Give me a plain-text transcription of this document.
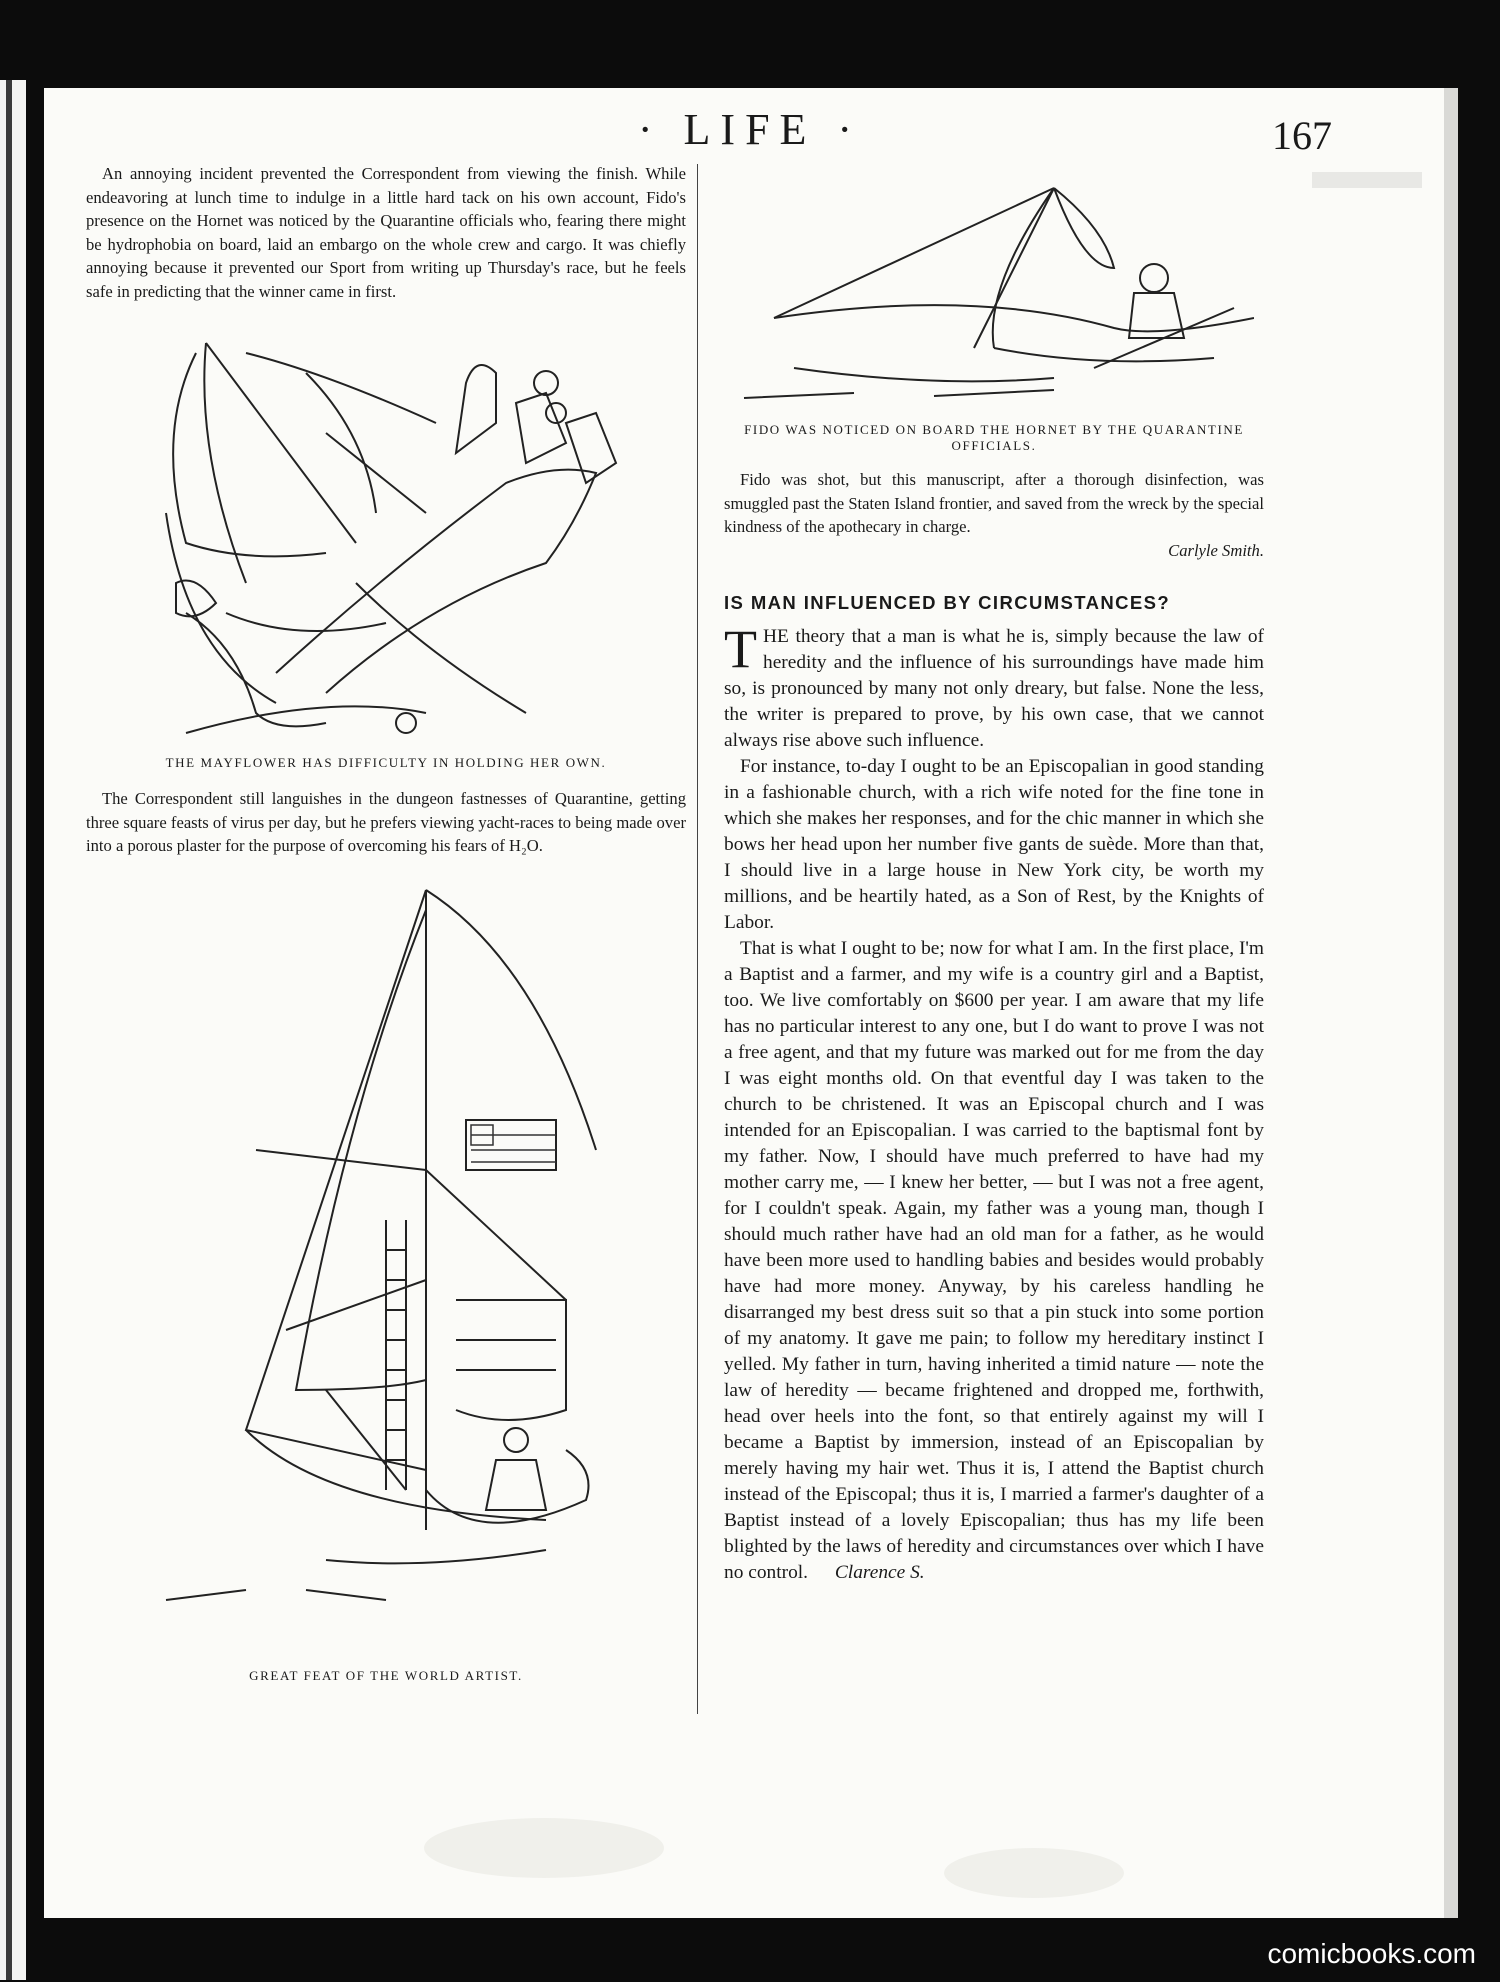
· LIFE ·	167

An annoying incident prevented the Correspondent from viewing the finish. While endeavoring at lunch time to indulge in a little hard tack on his own account, Fido's presence on the Hornet was noticed by the Quarantine officials who, fearing there might be hydrophobia on board, laid an embargo on the whole crew and cargo. It was chiefly annoying because it prevented our Sport from writing up Thursday's race, but he feels safe in predicting that the winner came in first.

THE MAYFLOWER HAS DIFFICULTY IN HOLDING HER OWN.

The Correspondent still languishes in the dungeon fastnesses of Quarantine, getting three square feasts of virus per day, but he prefers viewing yacht-races to being made over into a porous plaster for the purpose of overcoming his fears of H₂O.

GREAT FEAT OF THE WORLD ARTIST.
FIDO WAS NOTICED ON BOARD THE HORNET BY THE QUARANTINE OFFICIALS.

Fido was shot, but this manuscript, after a thorough disinfection, was smuggled past the Staten Island frontier, and saved from the wreck by the special kindness of the apothecary in charge.

Carlyle Smith.
IS MAN INFLUENCED BY CIRCUMSTANCES?

THE theory that a man is what he is, simply because the law of heredity and the influence of his surroundings have made him so, is pronounced by many not only dreary, but false. None the less, the writer is prepared to prove, by his own case, that we cannot always rise above such influence.

For instance, to-day I ought to be an Episcopalian in good standing in a fashionable church, with a rich wife noted for the fine tone in which she makes her responses, and for the chic manner in which she bows her head upon her number five gants de suède. More than that, I should live in a large house in New York city, be worth my millions, and be heartily hated, as a Son of Rest, by the Knights of Labor.

That is what I ought to be; now for what I am. In the first place, I'm a Baptist and a farmer, and my wife is a country girl and a Baptist, too. We live comfortably on $600 per year. I am aware that my life has no particular interest to any one, but I do want to prove I was not a free agent, and that my future was marked out for me from the day I was eight months old. On that eventful day I was taken to the church to be christened. It was an Episcopal church and I was intended for an Episcopalian. I was carried to the baptismal font by my father. Now, I should have much preferred to have had my mother carry me, — I knew her better, — but I was not a free agent, for I couldn't speak. Again, my father was a young man, though I should much rather have had an old man for a father, as he would have been more used to handling babies and besides would probably have had more money. Anyway, by his careless handling he disarranged my best dress suit so that a pin stuck into some portion of my anatomy. It gave me pain; to follow my hereditary instinct I yelled. My father in turn, having inherited a timid nature — note the law of heredity — became frightened and dropped me, forthwith, head over heels into the font, so that entirely against my will I became a Baptist by immersion, instead of an Episcopalian by merely having my hair wet. Thus it is, I attend the Baptist church instead of the Episcopal; thus it is, I married a farmer's daughter of a Baptist instead of a lovely Episcopalian; thus has my life been blighted by the laws of heredity and circumstances over which I have no control. Clarence S.

comicbooks.com
